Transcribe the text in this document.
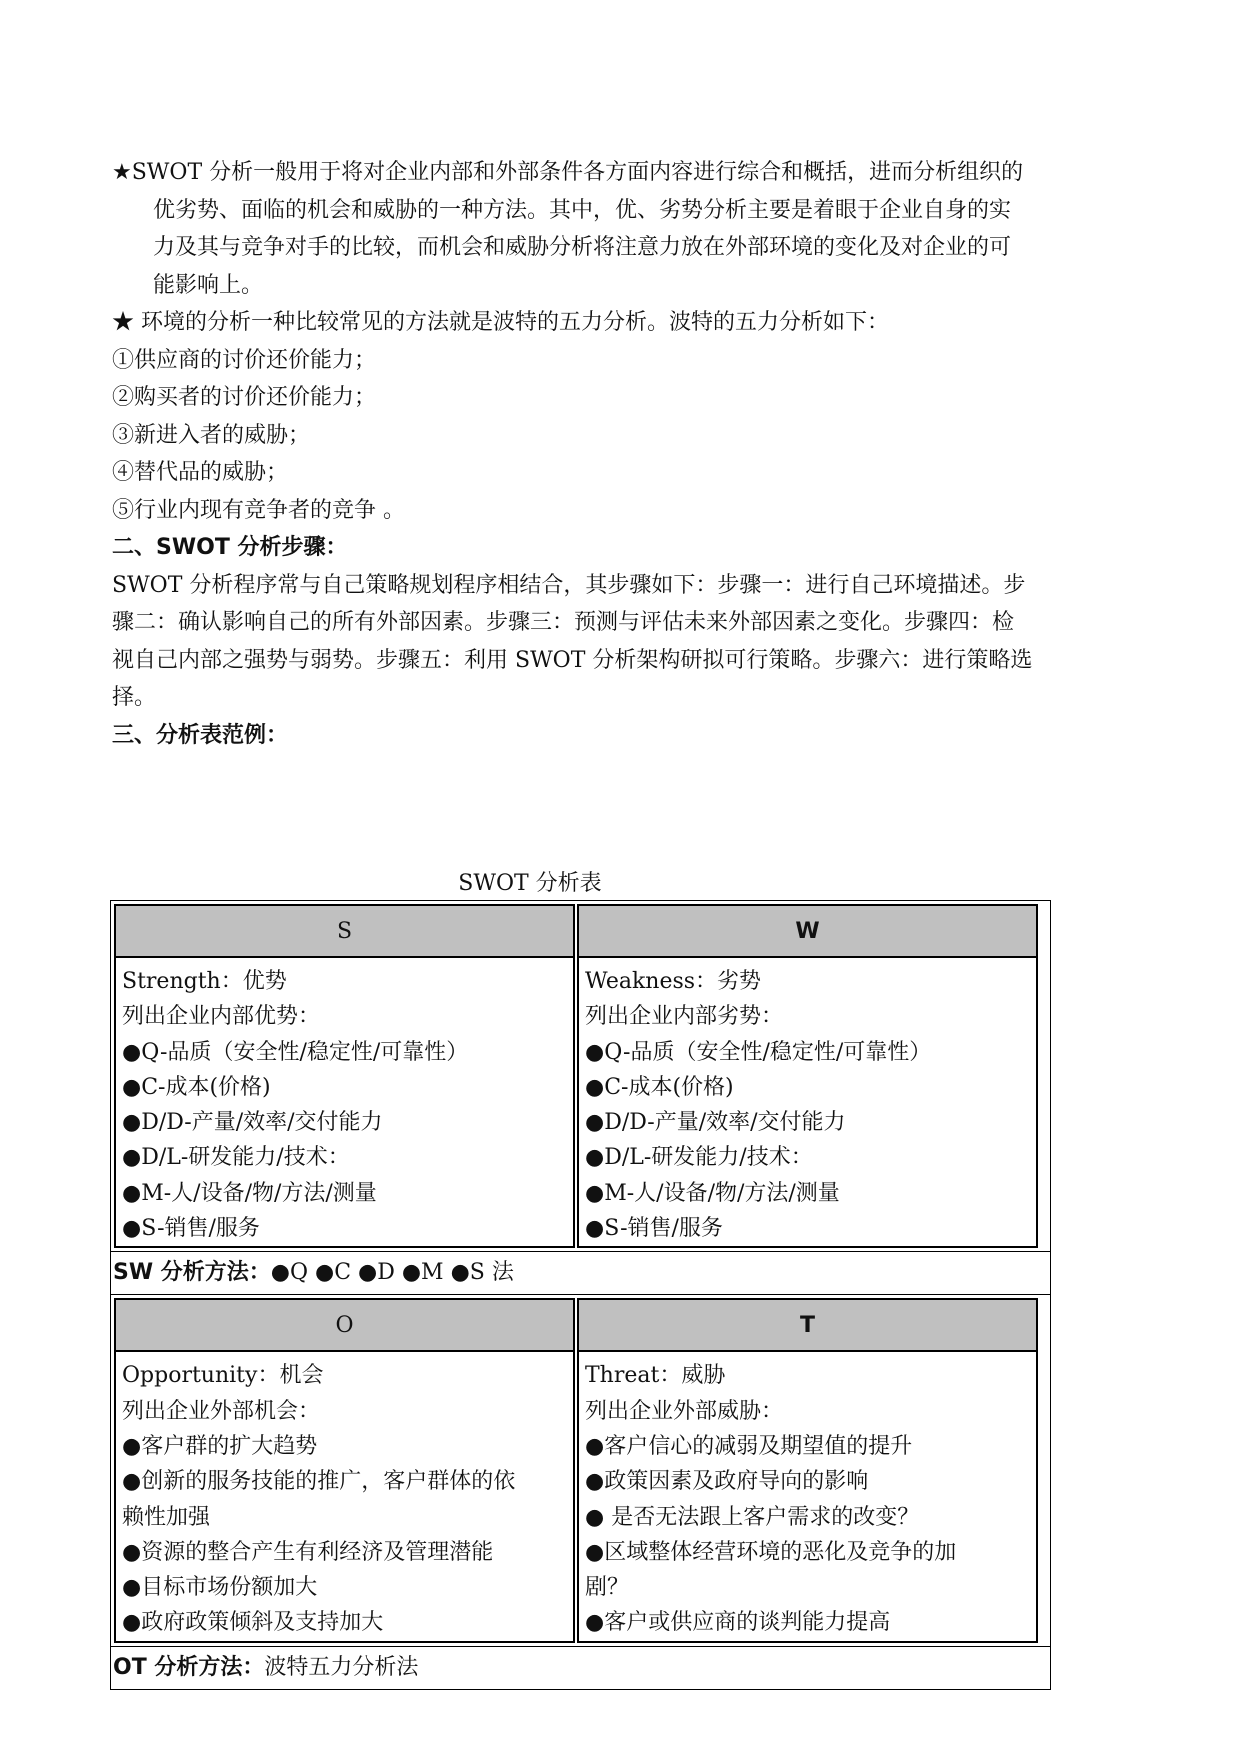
★SWOT 分析一般用于将对企业内部和外部条件各方面内容进行综合和概括，进而分析组织的
优劣势、面临的机会和威胁的一种方法。其中，优、劣势分析主要是着眼于企业自身的实
力及其与竞争对手的比较，而机会和威胁分析将注意力放在外部环境的变化及对企业的可
能影响上。
★ 环境的分析一种比较常见的方法就是波特的五力分析。波特的五力分析如下：
①供应商的讨价还价能力；
②购买者的讨价还价能力；
③新进入者的威胁；
④替代品的威胁；
⑤行业内现有竞争者的竞争 。
二、SWOT 分析步骤：
SWOT 分析程序常与自己策略规划程序相结合，其步骤如下：步骤一：进行自己环境描述。步
骤二：确认影响自己的所有外部因素。步骤三：预测与评估未来外部因素之变化。步骤四：检
视自己内部之强势与弱势。步骤五：利用 SWOT 分析架构研拟可行策略。步骤六：进行策略选
择。
三、分析表范例：
SWOT 分析表
S
Strength：优势
列出企业内部优势：
●Q-品质（安全性/稳定性/可靠性）
●C-成本(价格)
●D/D-产量/效率/交付能力
●D/L-研发能力/技术：
●M-人/设备/物/方法/测量
●S-销售/服务
W
Weakness：劣势
列出企业内部劣势：
●Q-品质（安全性/稳定性/可靠性）
●C-成本(价格)
●D/D-产量/效率/交付能力
●D/L-研发能力/技术：
●M-人/设备/物/方法/测量
●S-销售/服务
SW 分析方法：●Q ●C ●D ●M ●S 法
O
Opportunity：机会
列出企业外部机会：
●客户群的扩大趋势
●创新的服务技能的推广，客户群体的依
赖性加强
●资源的整合产生有利经济及管理潜能
●目标市场份额加大
●政府政策倾斜及支持加大
T
Threat：威胁
列出企业外部威胁：
●客户信心的减弱及期望值的提升
●政策因素及政府导向的影响
● 是否无法跟上客户需求的改变？
●区域整体经营环境的恶化及竞争的加
剧？
●客户或供应商的谈判能力提高
OT 分析方法：波特五力分析法
